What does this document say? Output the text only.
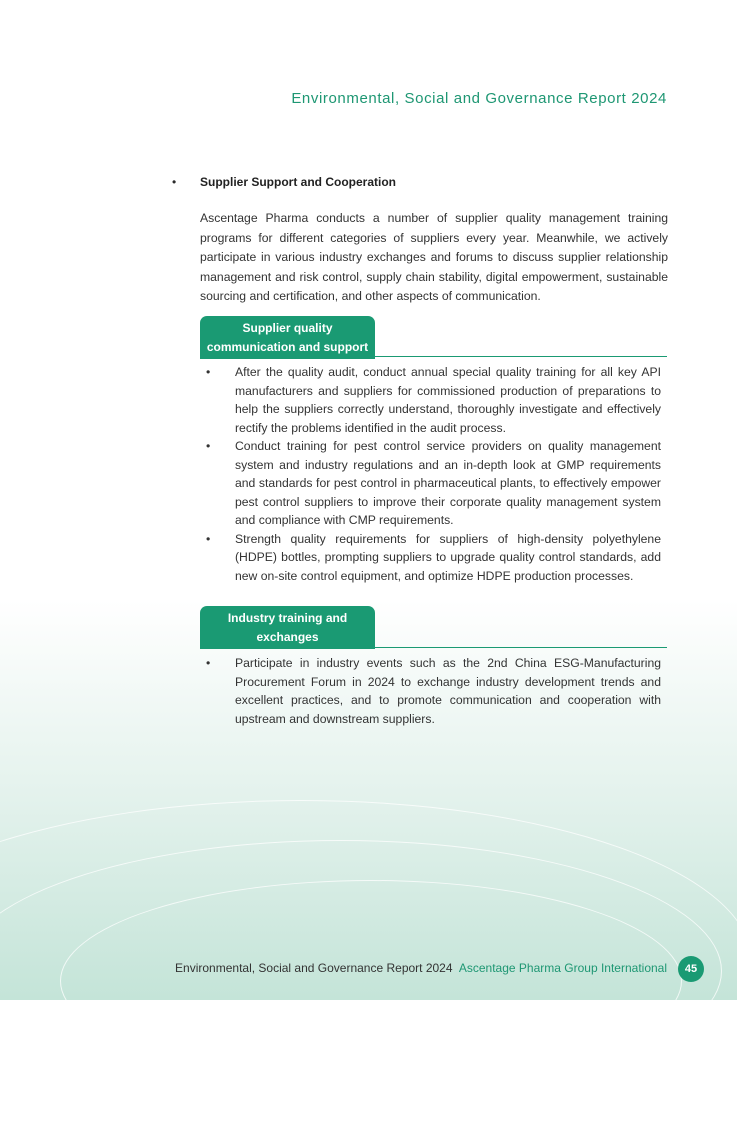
Environmental, Social and Governance Report 2024
• Supplier Support and Cooperation
Ascentage Pharma conducts a number of supplier quality management training programs for different categories of suppliers every year. Meanwhile, we actively participate in various industry exchanges and forums to discuss supplier relationship management and risk control, supply chain stability, digital empowerment, sustainable sourcing and certification, and other aspects of communication.
Supplier quality
communication and support
• After the quality audit, conduct annual special quality training for all key API manufacturers and suppliers for commissioned production of preparations to help the suppliers correctly understand, thoroughly investigate and effectively rectify the problems identified in the audit process.
• Conduct training for pest control service providers on quality management system and industry regulations and an in-depth look at GMP requirements and standards for pest control in pharmaceutical plants, to effectively empower pest control suppliers to improve their corporate quality management system and compliance with CMP requirements.
• Strength quality requirements for suppliers of high-density polyethylene (HDPE) bottles, prompting suppliers to upgrade quality control standards, add new on-site control equipment, and optimize HDPE production processes.
Industry training and
exchanges
• Participate in industry events such as the 2nd China ESG-Manufacturing Procurement Forum in 2024 to exchange industry development trends and excellent practices, and to promote communication and cooperation with upstream and downstream suppliers.
Environmental, Social and Governance Report 2024 Ascentage Pharma Group International	45
